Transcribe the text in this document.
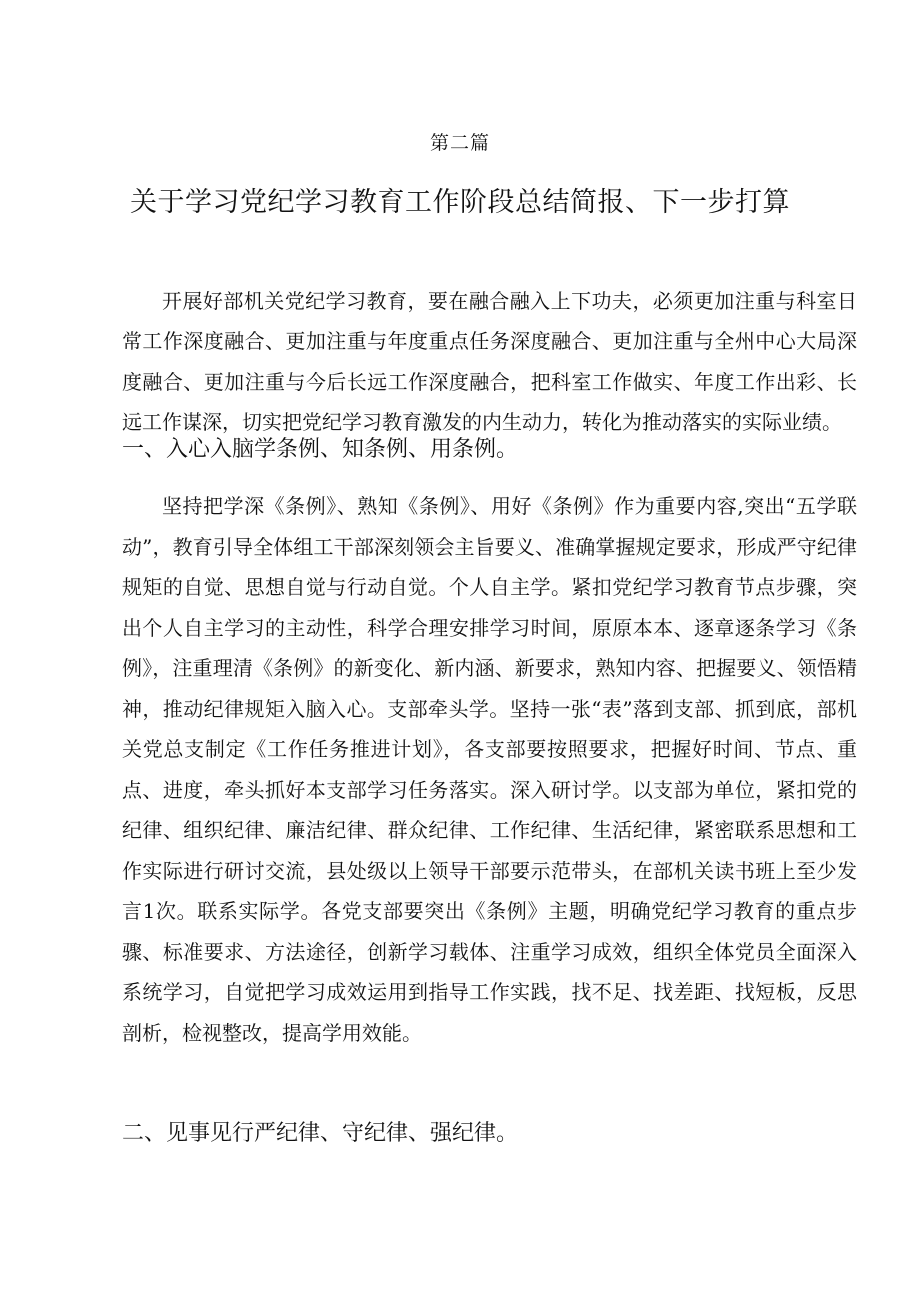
第二篇
关于学习党纪学习教育工作阶段总结简报、下一步打算

开展好部机关党纪学习教育，要在融合融入上下功夫，必须更加注重与科室日常工作深度融合、更加注重与年度重点任务深度融合、更加注重与全州中心大局深度融合、更加注重与今后长远工作深度融合，把科室工作做实、年度工作出彩、长远工作谋深，切实把党纪学习教育激发的内生动力，转化为推动落实的实际业绩。

一、入心入脑学条例、知条例、用条例。

坚持把学深《条例》、熟知《条例》、用好《条例》作为重要内容,突出“五学联动”，教育引导全体组工干部深刻领会主旨要义、准确掌握规定要求，形成严守纪律规矩的自觉、思想自觉与行动自觉。个人自主学。紧扣党纪学习教育节点步骤，突出个人自主学习的主动性，科学合理安排学习时间，原原本本、逐章逐条学习《条例》，注重理清《条例》的新变化、新内涵、新要求，熟知内容、把握要义、领悟精神，推动纪律规矩入脑入心。支部牵头学。坚持一张“表”落到支部、抓到底，部机关党总支制定《工作任务推进计划》，各支部要按照要求，把握好时间、节点、重点、进度，牵头抓好本支部学习任务落实。深入研讨学。以支部为单位，紧扣党的纪律、组织纪律、廉洁纪律、群众纪律、工作纪律、生活纪律，紧密联系思想和工作实际进行研讨交流，县处级以上领导干部要示范带头，在部机关读书班上至少发言1次。联系实际学。各党支部要突出《条例》主题，明确党纪学习教育的重点步骤、标准要求、方法途径，创新学习载体、注重学习成效，组织全体党员全面深入系统学习，自觉把学习成效运用到指导工作实践，找不足、找差距、找短板，反思剖析，检视整改，提高学用效能。

二、见事见行严纪律、守纪律、强纪律。
